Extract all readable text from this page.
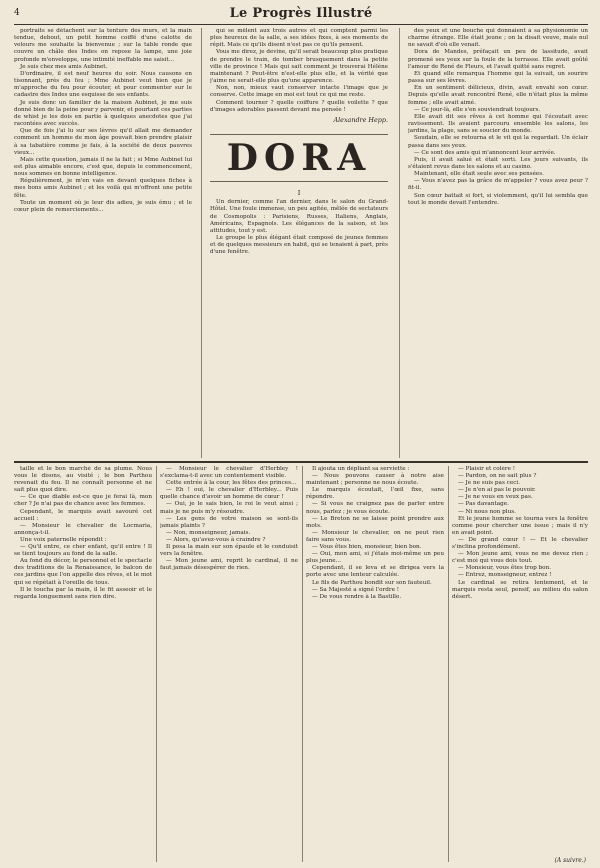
4	Le Progrès Illustré

portraits se détachent sur la tenture des murs, et la main tendue, debout, un petit homme coiffé d'une calotte de velours me souhaite la bienvenue ; sur la table ronde que couvre un châle des Indes on repose la lampe, une joie profonde m'enveloppe, une intimité ineffable me saisit...

Je suis chez mes amis Aubinet.

D'ordinaire, il est neuf heures du soir. Nous causons en tisonnant, près du feu ; Mme Aubinet veut bien que je m'approche du feu pour écouter, et pour commenter sur le cadastre des Indes une esquisse de ses enfants.

Je suis donc un familier de la maison Aubinet, je me suis donné bien de la peine pour y parvenir, et pourtant ces parties de whist je les dois en partie à quelques anecdotes que j'ai racontées avec succès.

Que de fois j'ai lu sur ses lèvres qu'il allait me demander comment un homme de mon âge pouvait bien prendre plaisir à sa tabatière comme je fais, à la société de deux pauvres vieux...

Mais cette question, jamais il ne la fait ; si Mme Aubinet lui est plus aimable encore, c'est que, depuis le commencement, nous sommes en bonne intelligence.

Régulièrement, je m'en vais en devant quelques fiches à mes bons amis Aubinet ; et les voilà qui m'offrent une petite fête.

Toute un moment où je leur dis adieu, je suis ému ; et le cœur plein de remerciements...

qui se mêlent aux trois autres et qui comptent parmi les plus heureux de la salle, a ses idées fixes, à ses moments de répit. Mais ce qu'ils disent n'est pas ce qu'ils pensent.

Vous me direz, je devine, qu'il serait beaucoup plus pratique de prendre le train, de tomber brusquement dans la petite ville de province ! Mais qui sait comment je trouverai Hélène maintenant ? Peut-être n'est-elle plus elle, et la vérité que j'aime ne serait-elle plus qu'une apparence.

Non, non, mieux vaut conserver intacte l'image que je conserve. Cette image en moi est tout ce qui me reste.

Comment tourner ? quelle coiffure ? quelle voilette ? que d'images adorables passent devant ma pensée !

Alexandre Hepp.
DORA
I

Un dernier, comme l'an dernier, dans le salon du Grand-Hôtel. Une foule immense, un peu agitée, mêlée de sectateurs de Cosmopolis : Parisiens, Russes, Italiens, Anglais, Américains, Espagnols. Les élégances de la saison, et les attitudes, tout y est.

Le groupe le plus élégant était composé de jeunes femmes et de quelques messieurs en habit, qui se tenaient à part, près d'une fenêtre.

des yeux et une bouche qui donnaient à sa physionomie un charme étrange. Elle était jeune ; on la disait veuve, mais nul ne savait d'où elle venait.

Dora de Mandes, préfaçait un peu de lassitude, avait promené ses yeux sur la foule de la terrasse. Elle avait goûté l'amour de René de Fleurs, et l'avait quitté sans regret.

Et quand elle remarqua l'homme qui la suivait, un sourire passa sur ses lèvres.

En un sentiment délicieux, divin, avait envahi son cœur. Depuis qu'elle avait rencontré René, elle n'était plus la même femme ; elle avait aimé.

— Ce jour-là, elle s'en souviendrait toujours.

Elle avait dit ses rêves à cet homme qui l'écoutait avec ravissement. Ils avaient parcouru ensemble les salons, les jardins, la plage, sans se soucier du monde.

Soudain, elle se retourna et le vit qui la regardait. Un éclair passa dans ses yeux.

— Ce sont des amis qui m'annoncent leur arrivée.

Puis, il avait salué et était sorti. Les jours suivants, ils s'étaient revus dans les salons et au casino.

Maintenant, elle était seule avec ses pensées.

— Vous n'avez pas la grâce de m'appeler ? vous avez peur ? fit-il.

Son cœur battait si fort, si violemment, qu'il lui sembla que tout le monde devait l'entendre.

taille et le bon marché de sa plume. Nous vous le disons, au visité ; le bon Parthou revenait du feu. Il ne connaît personne et ne sait plus quoi dire.

— Ce que diable est-ce que je ferai là, mon cher ? Je n'ai pas de chance avec les femmes.

Cependant, le marquis avait savouré cet accueil :

— Monsieur le chevalier de Locmaria, annonça-t-il.

Une voix paternelle répondit :

— Qu'il entre, ce cher enfant, qu'il entre ! Il se tient toujours au fond de la salle.

Au fond du décor, le personnel et le spectacle des traditions de la Renaissance, le balcon de ces jardins que l'on appelle des rêves, et le mot qui se répétait à l'oreille de tous.

Il le toucha par la main, il le fit asseoir et le regarda longuement sans rien dire.

— Monsieur le chevalier d'Herbley ! s'exclama-t-il avec un contentement visible.

Cette entrée à la cour, les fêtes des princes...

— Eh ! oui, le chevalier d'Herbley... Puis quelle chance d'avoir un homme de cœur !

— Oui, je le sais bien, le roi le veut ainsi ; mais je ne puis m'y résoudre.

— Les gens de votre maison se sont-ils jamais plaints ?

— Non, monseigneur, jamais.

— Alors, qu'avez-vous à craindre ?

Il posa la main sur son épaule et le conduisit vers la fenêtre.

— Mon jeune ami, reprit le cardinal, il ne faut jamais désespérer de rien.

Il ajouta un dépliant sa serviette :

— Nous pouvons causer à notre aise maintenant ; personne ne nous écoute.

Le marquis écoutait, l'œil fixe, sans répondre.

— Si vous ne craignez pas de parler entre nous, parlez ; je vous écoute.

— Le Breton ne se laisse point prendre aux mots.

— Monsieur le chevalier, on ne peut rien faire sans vous.

— Vous êtes bien, monsieur, bien bon.

— Oui, mon ami, si j'étais moi-même un peu plus jeune...

Cependant, il se leva et se dirigea vers la porte avec une lenteur calculée.

Le fils de Parthou bondit sur son fauteuil.

— Sa Majesté a signé l'ordre !

— De vous rendre à la Bastille.

— Plaisir et colère !

— Pardon, on ne sait plus ?

— Je ne suis pas ceci.

— Je n'en ai pas le pouvoir.

— Je ne vous en veux pas.

— Pas davantage.

— Ni nous non plus.

Et le jeune homme se tourna vers la fenêtre comme pour chercher une issue ; mais il n'y en avait point.

— De grand cœur ! — Et le chevalier s'inclina profondément.

— Mon jeune ami, vous ne me devez rien ; c'est moi qui vous dois tout.

— Monsieur, vous êtes trop bon.

— Entrez, monseigneur, entrez !

Le cardinal se retira lentement, et le marquis resta seul, pensif, au milieu du salon désert.

(A suivre.)
